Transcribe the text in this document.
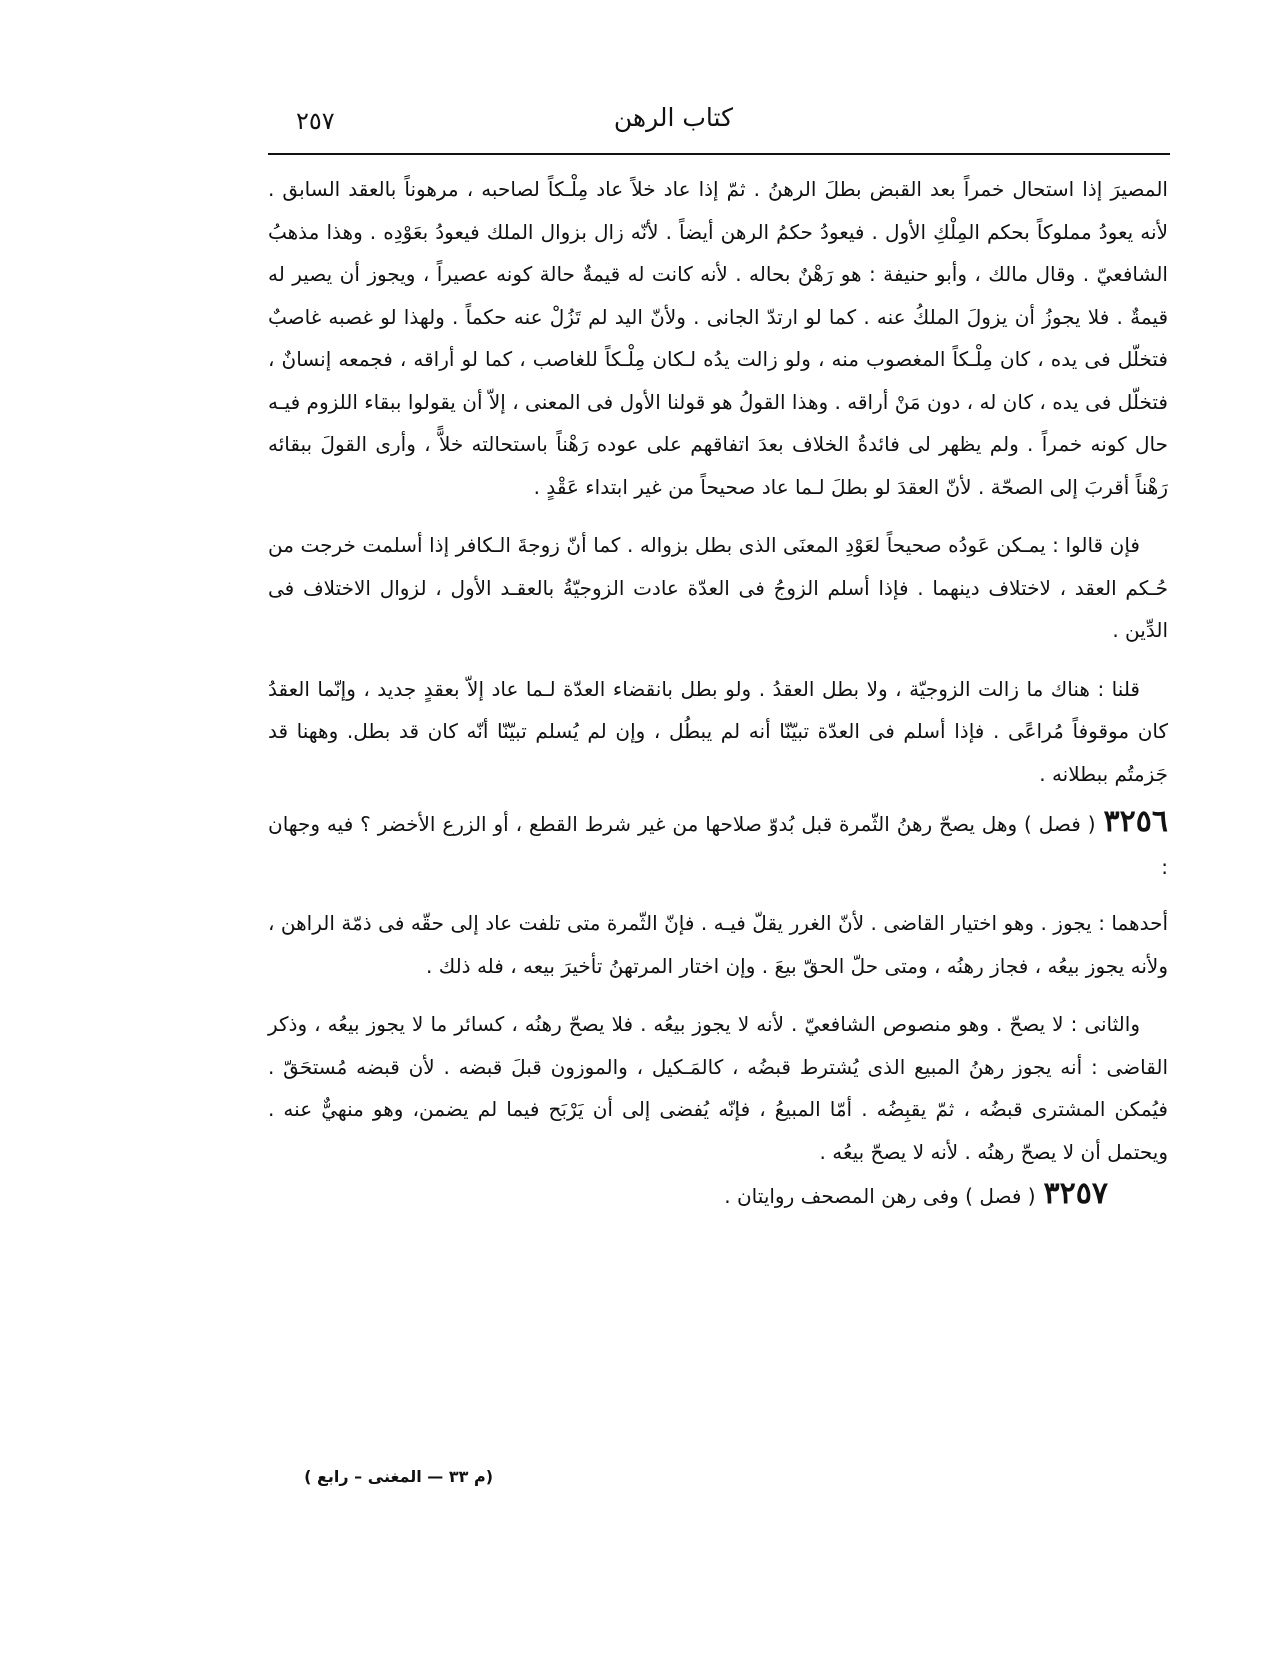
كتاب الرهن
٢٥٧

المصيرَ إذا استحال خمراً بعد القبض بطلَ الرهنُ . ثمّ إذا عاد خلاً عاد مِلْـكاً لصاحبه ، مرهوناً بالعقد السابق . لأنه يعودُ مملوكاً بحكم المِلْكِ الأول . فيعودُ حكمُ الرهن أيضاً . لأنّه زال بزوال الملك فيعودُ بعَوْدِه . وهذا مذهبُ الشافعيّ . وقال مالك ، وأبو حنيفة : هو رَهْنٌ بحاله . لأنه كانت له قيمةٌ حالة كونه عصيراً ، ويجوز أن يصير له قيمةٌ . فلا يجوزُ أن يزولَ الملكُ عنه . كما لو ارتدّ الجانى . ولأنّ اليد لم تَزُلْ عنه حكماً . ولهذا لو غصبه غاصبٌ فتخلّل فى يده ، كان مِلْـكاً المغصوب منه ، ولو زالت يدُه لـكان مِلْـكاً للغاصب ، كما لو أراقه ، فجمعه إنسانٌ ، فتخلّل فى يده ، كان له ، دون مَنْ أراقه . وهذا القولُ هو قولنا الأول فى المعنى ، إلاّ أن يقولوا ببقاء اللزوم فيـه حال كونه خمراً . ولم يظهر لى فائدةُ الخلاف بعدَ اتفاقهم على عوده رَهْناً باستحالته خلاًّ ، وأرى القولَ ببقائه رَهْناً أقربَ إلى الصحّة . لأنّ العقدَ لو بطلَ لـما عاد صحيحاً من غير ابتداء عَقْدٍ .

فإن قالوا : يمـكن عَودُه صحيحاً لعَوْدِ المعنَى الذى بطل بزواله . كما أنّ زوجةَ الـكافر إذا أسلمت خرجت من حُـكم العقد ، لاختلاف دينهما . فإذا أسلم الزوجُ فى العدّة عادت الزوجيّةُ بالعقـد الأول ، لزوال الاختلاف فى الدِّين .

قلنا : هناك ما زالت الزوجيّة ، ولا بطل العقدُ . ولو بطل بانقضاء العدّة لـما عاد إلاّ بعقدٍ جديد ، وإنّما العقدُ كان موقوفاً مُراعًى . فإذا أسلم فى العدّة تبيّنّا أنه لم يبطُل ، وإن لم يُسلم تبيّنّا أنّه كان قد بطل. وههنا قد جَزمتُم ببطلانه .

٣٢٥٦( فصل ) وهل يصحّ رهنُ الثّمرة قبل بُدوّ صلاحها من غير شرط القطع ، أو الزرع الأخضر ؟ فيه وجهان :

أحدهما : يجوز . وهو اختيار القاضى . لأنّ الغرر يقلّ فيـه . فإنّ الثّمرة متى تلفت عاد إلى حقّه فى ذمّة الراهن ، ولأنه يجوز بيعُه ، فجاز رهنُه ، ومتى حلّ الحقّ بيعَ . وإن اختار المرتهنُ تأخيرَ بيعه ، فله ذلك .

والثانى : لا يصحّ . وهو منصوص الشافعيّ . لأنه لا يجوز بيعُه . فلا يصحّ رهنُه ، كسائر ما لا يجوز بيعُه ، وذكر القاضى : أنه يجوز رهنُ المبيع الذى يُشترط قبضُه ، كالمَـكيل ، والموزون قبلَ قبضه . لأن قبضه مُستحَقّ . فيُمكن المشترى قبضُه ، ثمّ يقبِضُه . أمّا المبيعُ ، فإنّه يُفضى إلى أن يَرْبَح فيما لم يضمن، وهو منهيٌّ عنه . ويحتمل أن لا يصحّ رهنُه . لأنه لا يصحّ بيعُه .

٣٢٥٧( فصل ) وفى رهن المصحف روايتان .

(م ٣٣ — المغنى – رابع )
